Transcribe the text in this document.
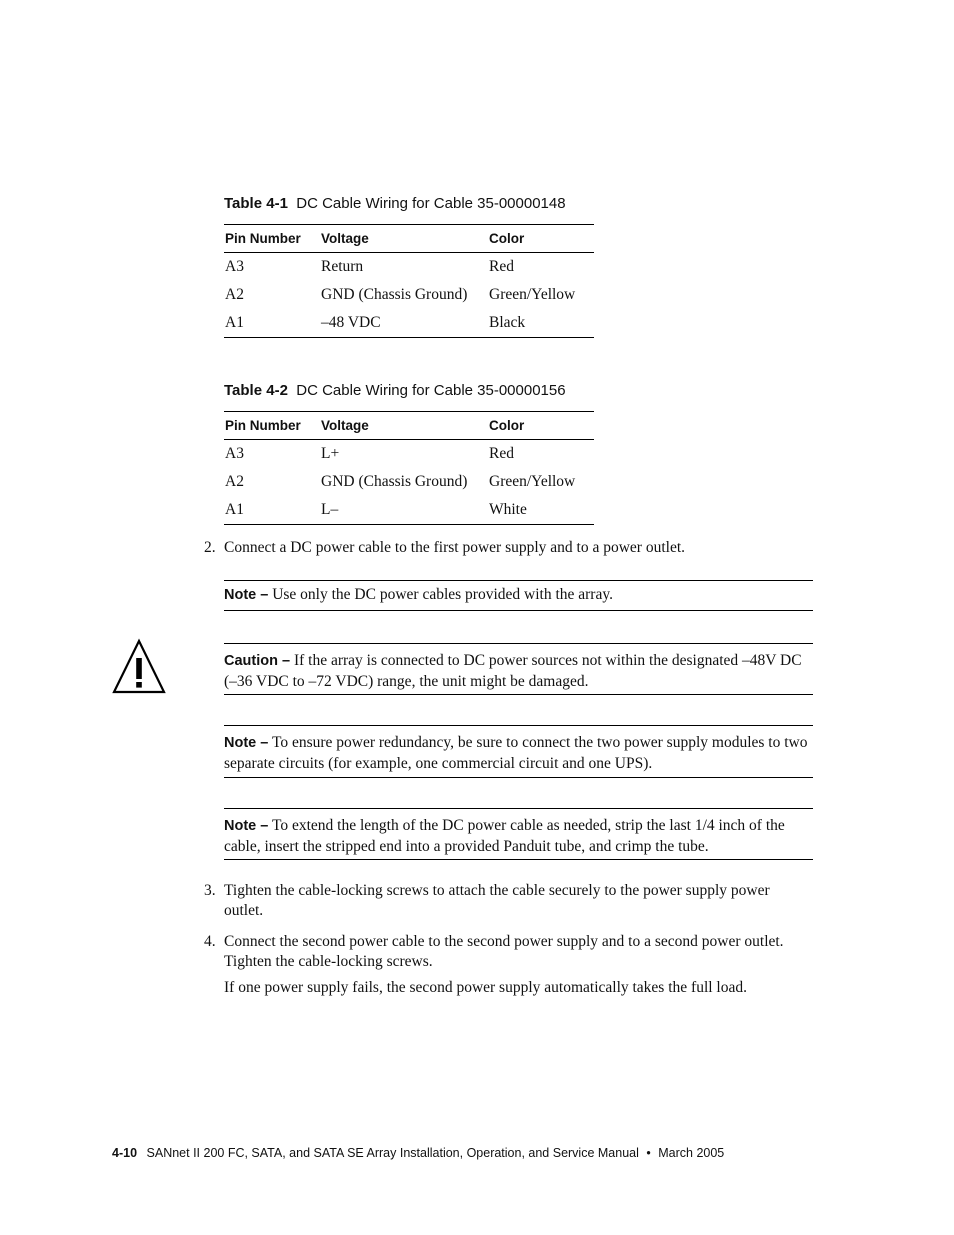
Table 4-1 DC Cable Wiring for Cable 35-00000148
Pin Number	Voltage	Color
A3	Return	Red
A2	GND (Chassis Ground)	Green/Yellow
A1	–48 VDC	Black
Table 4-2 DC Cable Wiring for Cable 35-00000156
Pin Number	Voltage	Color
A3	L+	Red
A2	GND (Chassis Ground)	Green/Yellow
A1	L–	White
2. Connect a DC power cable to the first power supply and to a power outlet.
Note – Use only the DC power cables provided with the array.
Caution – If the array is connected to DC power sources not within the designated –48V DC (–36 VDC to –72 VDC) range, the unit might be damaged.
Note – To ensure power redundancy, be sure to connect the two power supply modules to two separate circuits (for example, one commercial circuit and one UPS).
Note – To extend the length of the DC power cable as needed, strip the last 1/4 inch of the cable, insert the stripped end into a provided Panduit tube, and crimp the tube.
3. Tighten the cable-locking screws to attach the cable securely to the power supply power outlet.
4. Connect the second power cable to the second power supply and to a second power outlet. Tighten the cable-locking screws.
If one power supply fails, the second power supply automatically takes the full load.
4-10 SANnet II 200 FC, SATA, and SATA SE Array Installation, Operation, and Service Manual • March 2005
